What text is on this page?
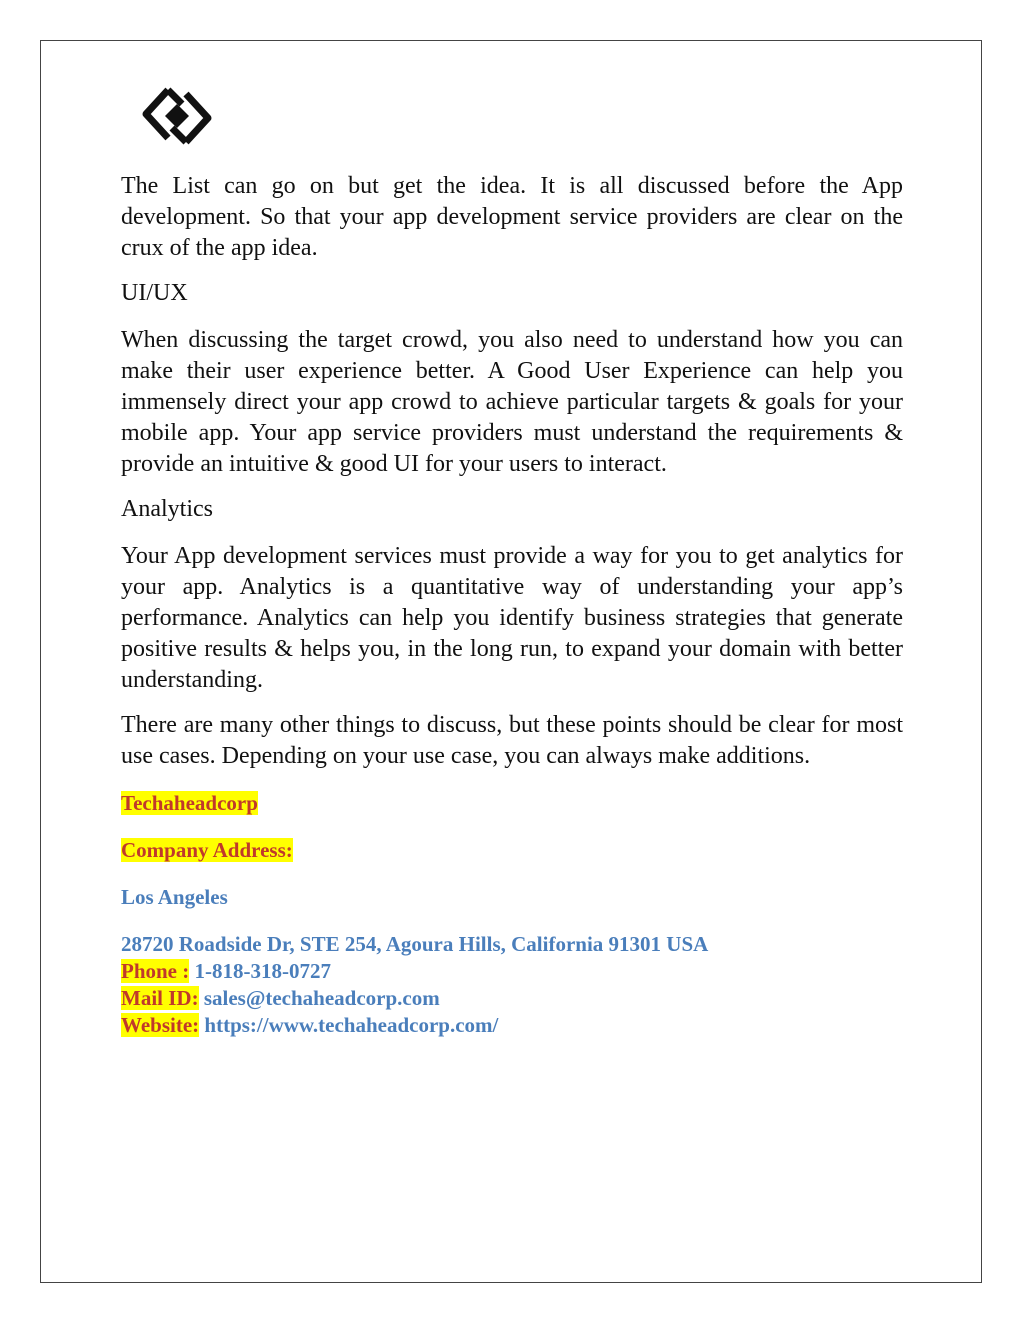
The List can go on but get the idea. It is all discussed before the App development. So that your app development service providers are clear on the crux of the app idea.

UI/UX

When discussing the target crowd, you also need to understand how you can make their user experience better. A Good User Experience can help you immensely direct your app crowd to achieve particular targets & goals for your mobile app. Your app service providers must understand the requirements & provide an intuitive & good UI for your users to interact.

Analytics

Your App development services must provide a way for you to get analytics for your app. Analytics is a quantitative way of understanding your app’s performance. Analytics can help you identify business strategies that generate positive results & helps you, in the long run, to expand your domain with better understanding.

There are many other things to discuss, but these points should be clear for most use cases. Depending on your use case, you can always make additions.

Techaheadcorp
Company Address:
Los Angeles
28720 Roadside Dr, STE 254, Agoura Hills, California 91301 USA
Phone : 1-818-318-0727
Mail ID: sales@techaheadcorp.com
Website: https://www.techaheadcorp.com/
